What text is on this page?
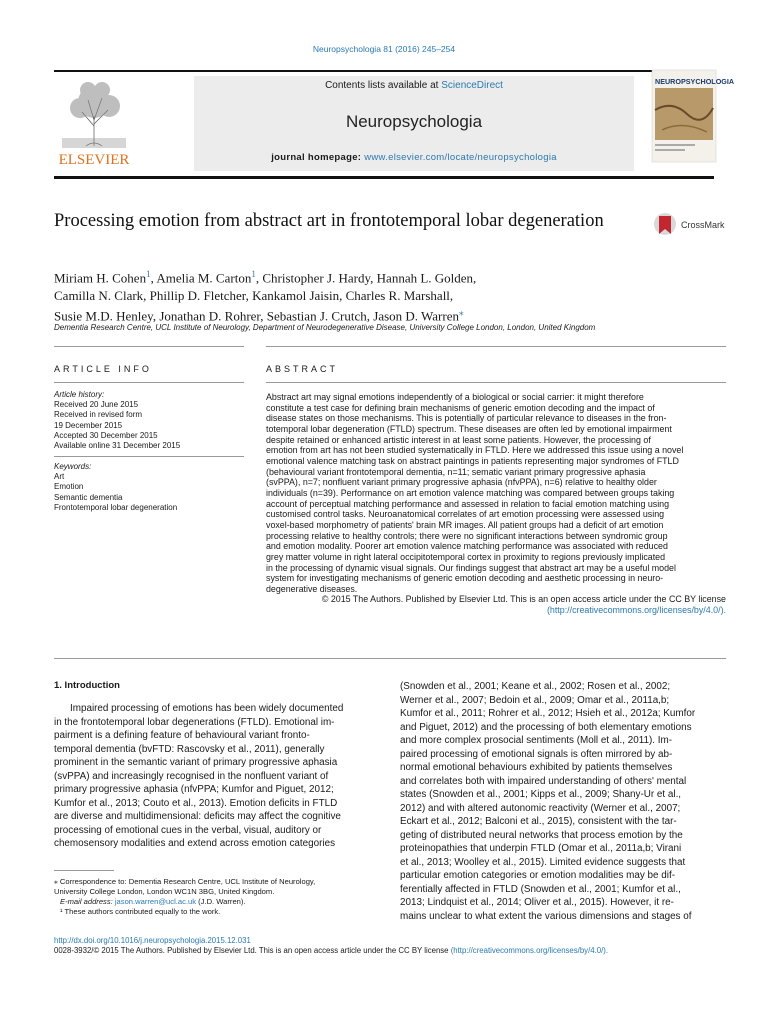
Neuropsychologia 81 (2016) 245–254
ELSEVIER
Contents lists available at ScienceDirect
Neuropsychologia
journal homepage: www.elsevier.com/locate/neuropsychologia
NEUROPSYCHOLOGIA
Processing emotion from abstract art in frontotemporal lobar degeneration	CrossMark
Miriam H. Cohen$^1$, Amelia M. Carton$^1$, Christopher J. Hardy, Hannah L. Golden,
Camilla N. Clark, Phillip D. Fletcher, Kankamol Jaisin, Charles R. Marshall,
Susie M.D. Henley, Jonathan D. Rohrer, Sebastian J. Crutch, Jason D. Warren⁎
Dementia Research Centre, UCL Institute of Neurology, Department of Neurodegenerative Disease, University College London, London, United Kingdom
ARTICLE INFO
Article history:
Received 20 June 2015
Received in revised form
19 December 2015
Accepted 30 December 2015
Available online 31 December 2015
Keywords:
Art
Emotion
Semantic dementia
Frontotemporal lobar degeneration
ABSTRACT
Abstract art may signal emotions independently of a biological or social carrier: it might therefore
constitute a test case for defining brain mechanisms of generic emotion decoding and the impact of
disease states on those mechanisms. This is potentially of particular relevance to diseases in the fron-
totemporal lobar degeneration (FTLD) spectrum. These diseases are often led by emotional impairment
despite retained or enhanced artistic interest in at least some patients. However, the processing of
emotion from art has not been studied systematically in FTLD. Here we addressed this issue using a novel
emotional valence matching task on abstract paintings in patients representing major syndromes of FTLD
(behavioural variant frontotemporal dementia, n=11; sematic variant primary progressive aphasia
(svPPA), n=7; nonfluent variant primary progressive aphasia (nfvPPA), n=6) relative to healthy older
individuals (n=39). Performance on art emotion valence matching was compared between groups taking
account of perceptual matching performance and assessed in relation to facial emotion matching using
customised control tasks. Neuroanatomical correlates of art emotion processing were assessed using
voxel-based morphometry of patients' brain MR images. All patient groups had a deficit of art emotion
processing relative to healthy controls; there were no significant interactions between syndromic group
and emotion modality. Poorer art emotion valence matching performance was associated with reduced
grey matter volume in right lateral occipitotemporal cortex in proximity to regions previously implicated
in the processing of dynamic visual signals. Our findings suggest that abstract art may be a useful model
system for investigating mechanisms of generic emotion decoding and aesthetic processing in neuro-
degenerative diseases.
© 2015 The Authors. Published by Elsevier Ltd. This is an open access article under the CC BY license
(http://creativecommons.org/licenses/by/4.0/).
1. Introduction
Impaired processing of emotions has been widely documented
in the frontotemporal lobar degenerations (FTLD). Emotional im-
pairment is a defining feature of behavioural variant fronto-
temporal dementia (bvFTD: Rascovsky et al., 2011), generally
prominent in the semantic variant of primary progressive aphasia
(svPPA) and increasingly recognised in the nonfluent variant of
primary progressive aphasia (nfvPPA; Kumfor and Piguet, 2012;
Kumfor et al., 2013; Couto et al., 2013). Emotion deficits in FTLD
are diverse and multidimensional: deficits may affect the cognitive
processing of emotional cues in the verbal, visual, auditory or
chemosensory modalities and extend across emotion categories
(Snowden et al., 2001; Keane et al., 2002; Rosen et al., 2002;
Werner et al., 2007; Bedoin et al., 2009; Omar et al., 2011a,b;
Kumfor et al., 2011; Rohrer et al., 2012; Hsieh et al., 2012a; Kumfor
and Piguet, 2012) and the processing of both elementary emotions
and more complex prosocial sentiments (Moll et al., 2011). Im-
paired processing of emotional signals is often mirrored by ab-
normal emotional behaviours exhibited by patients themselves
and correlates both with impaired understanding of others' mental
states (Snowden et al., 2001; Kipps et al., 2009; Shany-Ur et al.,
2012) and with altered autonomic reactivity (Werner et al., 2007;
Eckart et al., 2012; Balconi et al., 2015), consistent with the tar-
geting of distributed neural networks that process emotion by the
proteinopathies that underpin FTLD (Omar et al., 2011a,b; Virani
et al., 2013; Woolley et al., 2015). Limited evidence suggests that
particular emotion categories or emotion modalities may be dif-
ferentially affected in FTLD (Snowden et al., 2001; Kumfor et al.,
2013; Lindquist et al., 2014; Oliver et al., 2015). However, it re-
mains unclear to what extent the various dimensions and stages of
⁎ Correspondence to: Dementia Research Centre, UCL Institute of Neurology,
University College London, London WC1N 3BG, United Kingdom.
E-mail address: jason.warren@ucl.ac.uk (J.D. Warren).
¹ These authors contributed equally to the work.
http://dx.doi.org/10.1016/j.neuropsychologia.2015.12.031
0028-3932/© 2015 The Authors. Published by Elsevier Ltd. This is an open access article under the CC BY license (http://creativecommons.org/licenses/by/4.0/).
